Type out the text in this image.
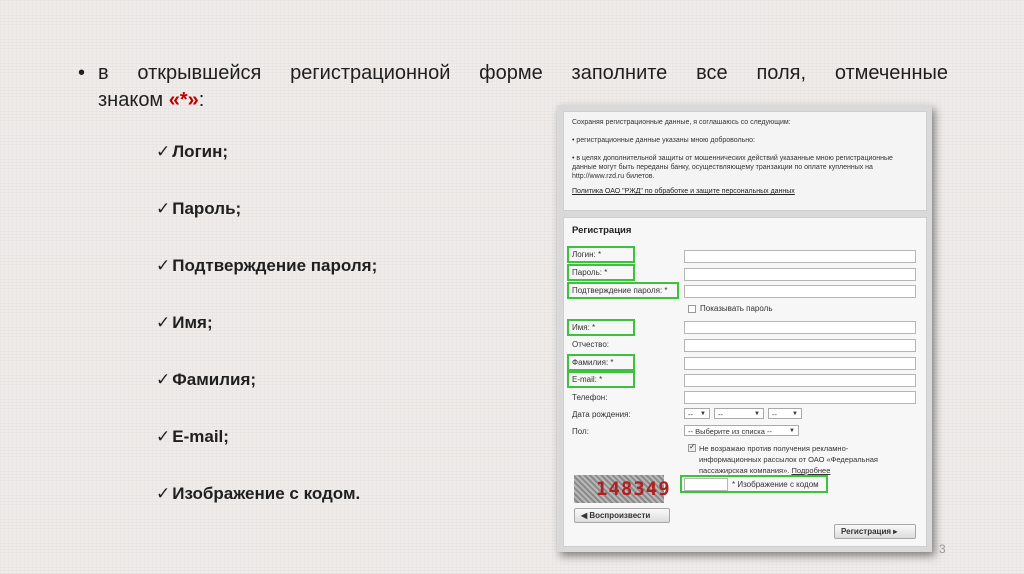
• в открывшейся регистрационной форме заполните все поля, отмеченные
знаком «*»:
✓ Логин;
✓ Пароль;
✓ Подтверждение пароля;
✓ Имя;
✓ Фамилия;
✓ E-mail;
✓ Изображение с кодом.

Сохраняя регистрационные данные, я соглашаюсь со следующим:

• регистрационные данные указаны мною добровольно:

• в целях дополнительной защиты от мошеннических действий указанные мною регистрационные данные могут быть переданы банку, осуществляющему транзакции по оплате купленных на http://www.rzd.ru билетов.

Политика ОАО "РЖД" по обработке и защите персональных данных

Регистрация
Логин: *
Пароль: *
Подтверждение пароля: *
Показывать пароль
Имя: *
Отчество:
Фамилия: *
E-mail: *
Телефон:
Дата рождения:	-- ▼	--	▼	--	▼
Пол:	-- Выберите из списка --	▼
✓ Не возражаю против получения рекламно-информационных рассылок от ОАО «Федеральная пассажирская компания». Подробнее
148349	* Изображение с кодом
◀ Воспроизвести
Регистрация ▸
3
